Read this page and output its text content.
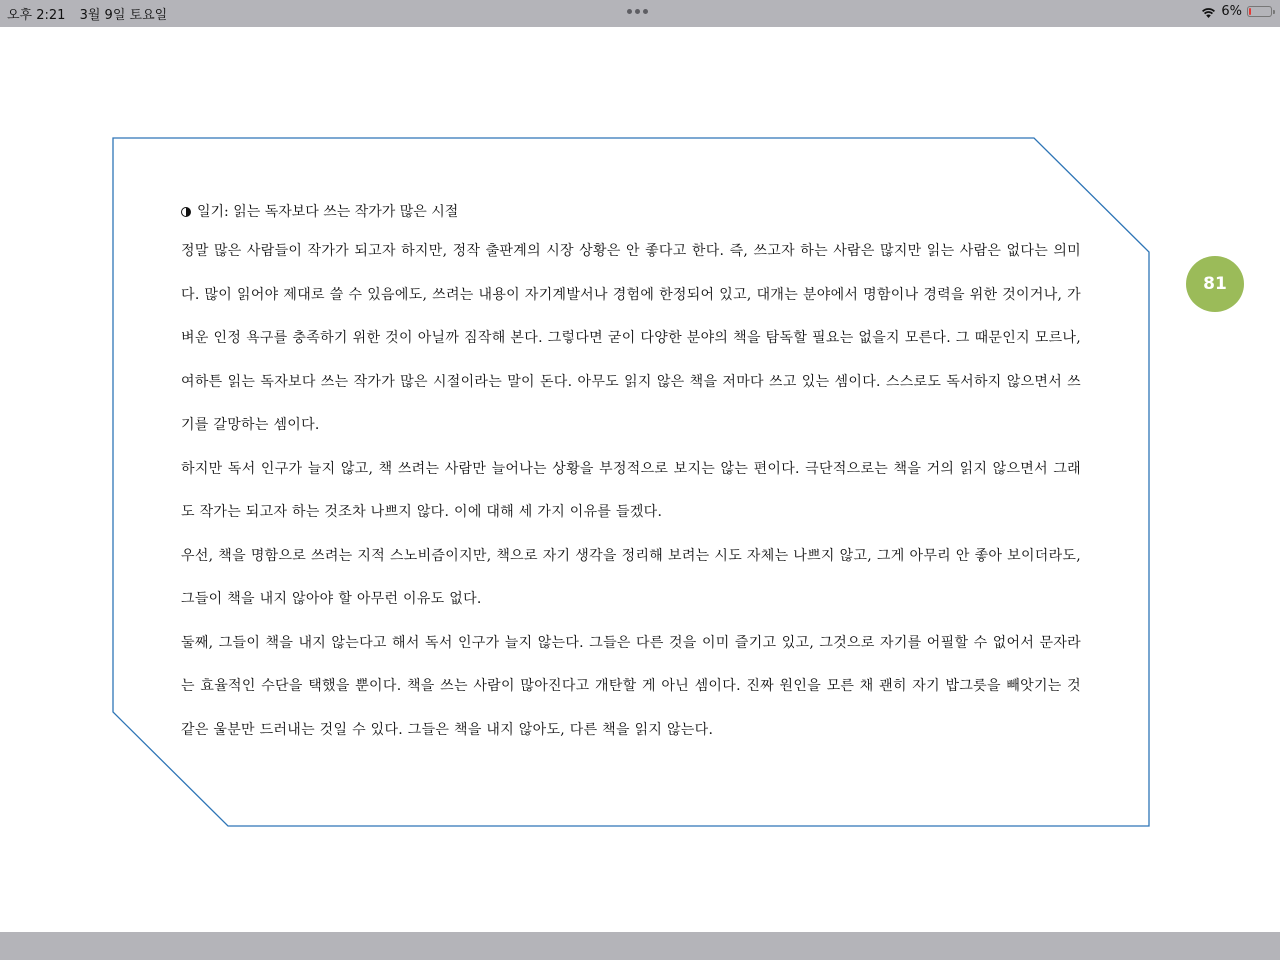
오후 2:21 3월 9일 토요일	6%
81
일기: 읽는 독자보다 쓰는 작가가 많은 시절

정말 많은 사람들이 작가가 되고자 하지만, 정작 출판계의 시장 상황은 안 좋다고 한다. 즉, 쓰고자 하는 사람은 많지만 읽는 사람은 없다는 의미다. 많이 읽어야 제대로 쓸 수 있음에도, 쓰려는 내용이 자기계발서나 경험에 한정되어 있고, 대개는 분야에서 명함이나 경력을 위한 것이거나, 가벼운 인정 욕구를 충족하기 위한 것이 아닐까 짐작해 본다. 그렇다면 굳이 다양한 분야의 책을 탐독할 필요는 없을지 모른다. 그 때문인지 모르나, 여하튼 읽는 독자보다 쓰는 작가가 많은 시절이라는 말이 돈다. 아무도 읽지 않은 책을 저마다 쓰고 있는 셈이다. 스스로도 독서하지 않으면서 쓰기를 갈망하는 셈이다.

하지만 독서 인구가 늘지 않고, 책 쓰려는 사람만 늘어나는 상황을 부정적으로 보지는 않는 편이다. 극단적으로는 책을 거의 읽지 않으면서 그래도 작가는 되고자 하는 것조차 나쁘지 않다. 이에 대해 세 가지 이유를 들겠다.

우선, 책을 명함으로 쓰려는 지적 스노비즘이지만, 책으로 자기 생각을 정리해 보려는 시도 자체는 나쁘지 않고, 그게 아무리 안 좋아 보이더라도, 그들이 책을 내지 않아야 할 아무런 이유도 없다.

둘째, 그들이 책을 내지 않는다고 해서 독서 인구가 늘지 않는다. 그들은 다른 것을 이미 즐기고 있고, 그것으로 자기를 어필할 수 없어서 문자라는 효율적인 수단을 택했을 뿐이다. 책을 쓰는 사람이 많아진다고 개탄할 게 아닌 셈이다. 진짜 원인을 모른 채 괜히 자기 밥그릇을 빼앗기는 것 같은 울분만 드러내는 것일 수 있다. 그들은 책을 내지 않아도, 다른 책을 읽지 않는다.
